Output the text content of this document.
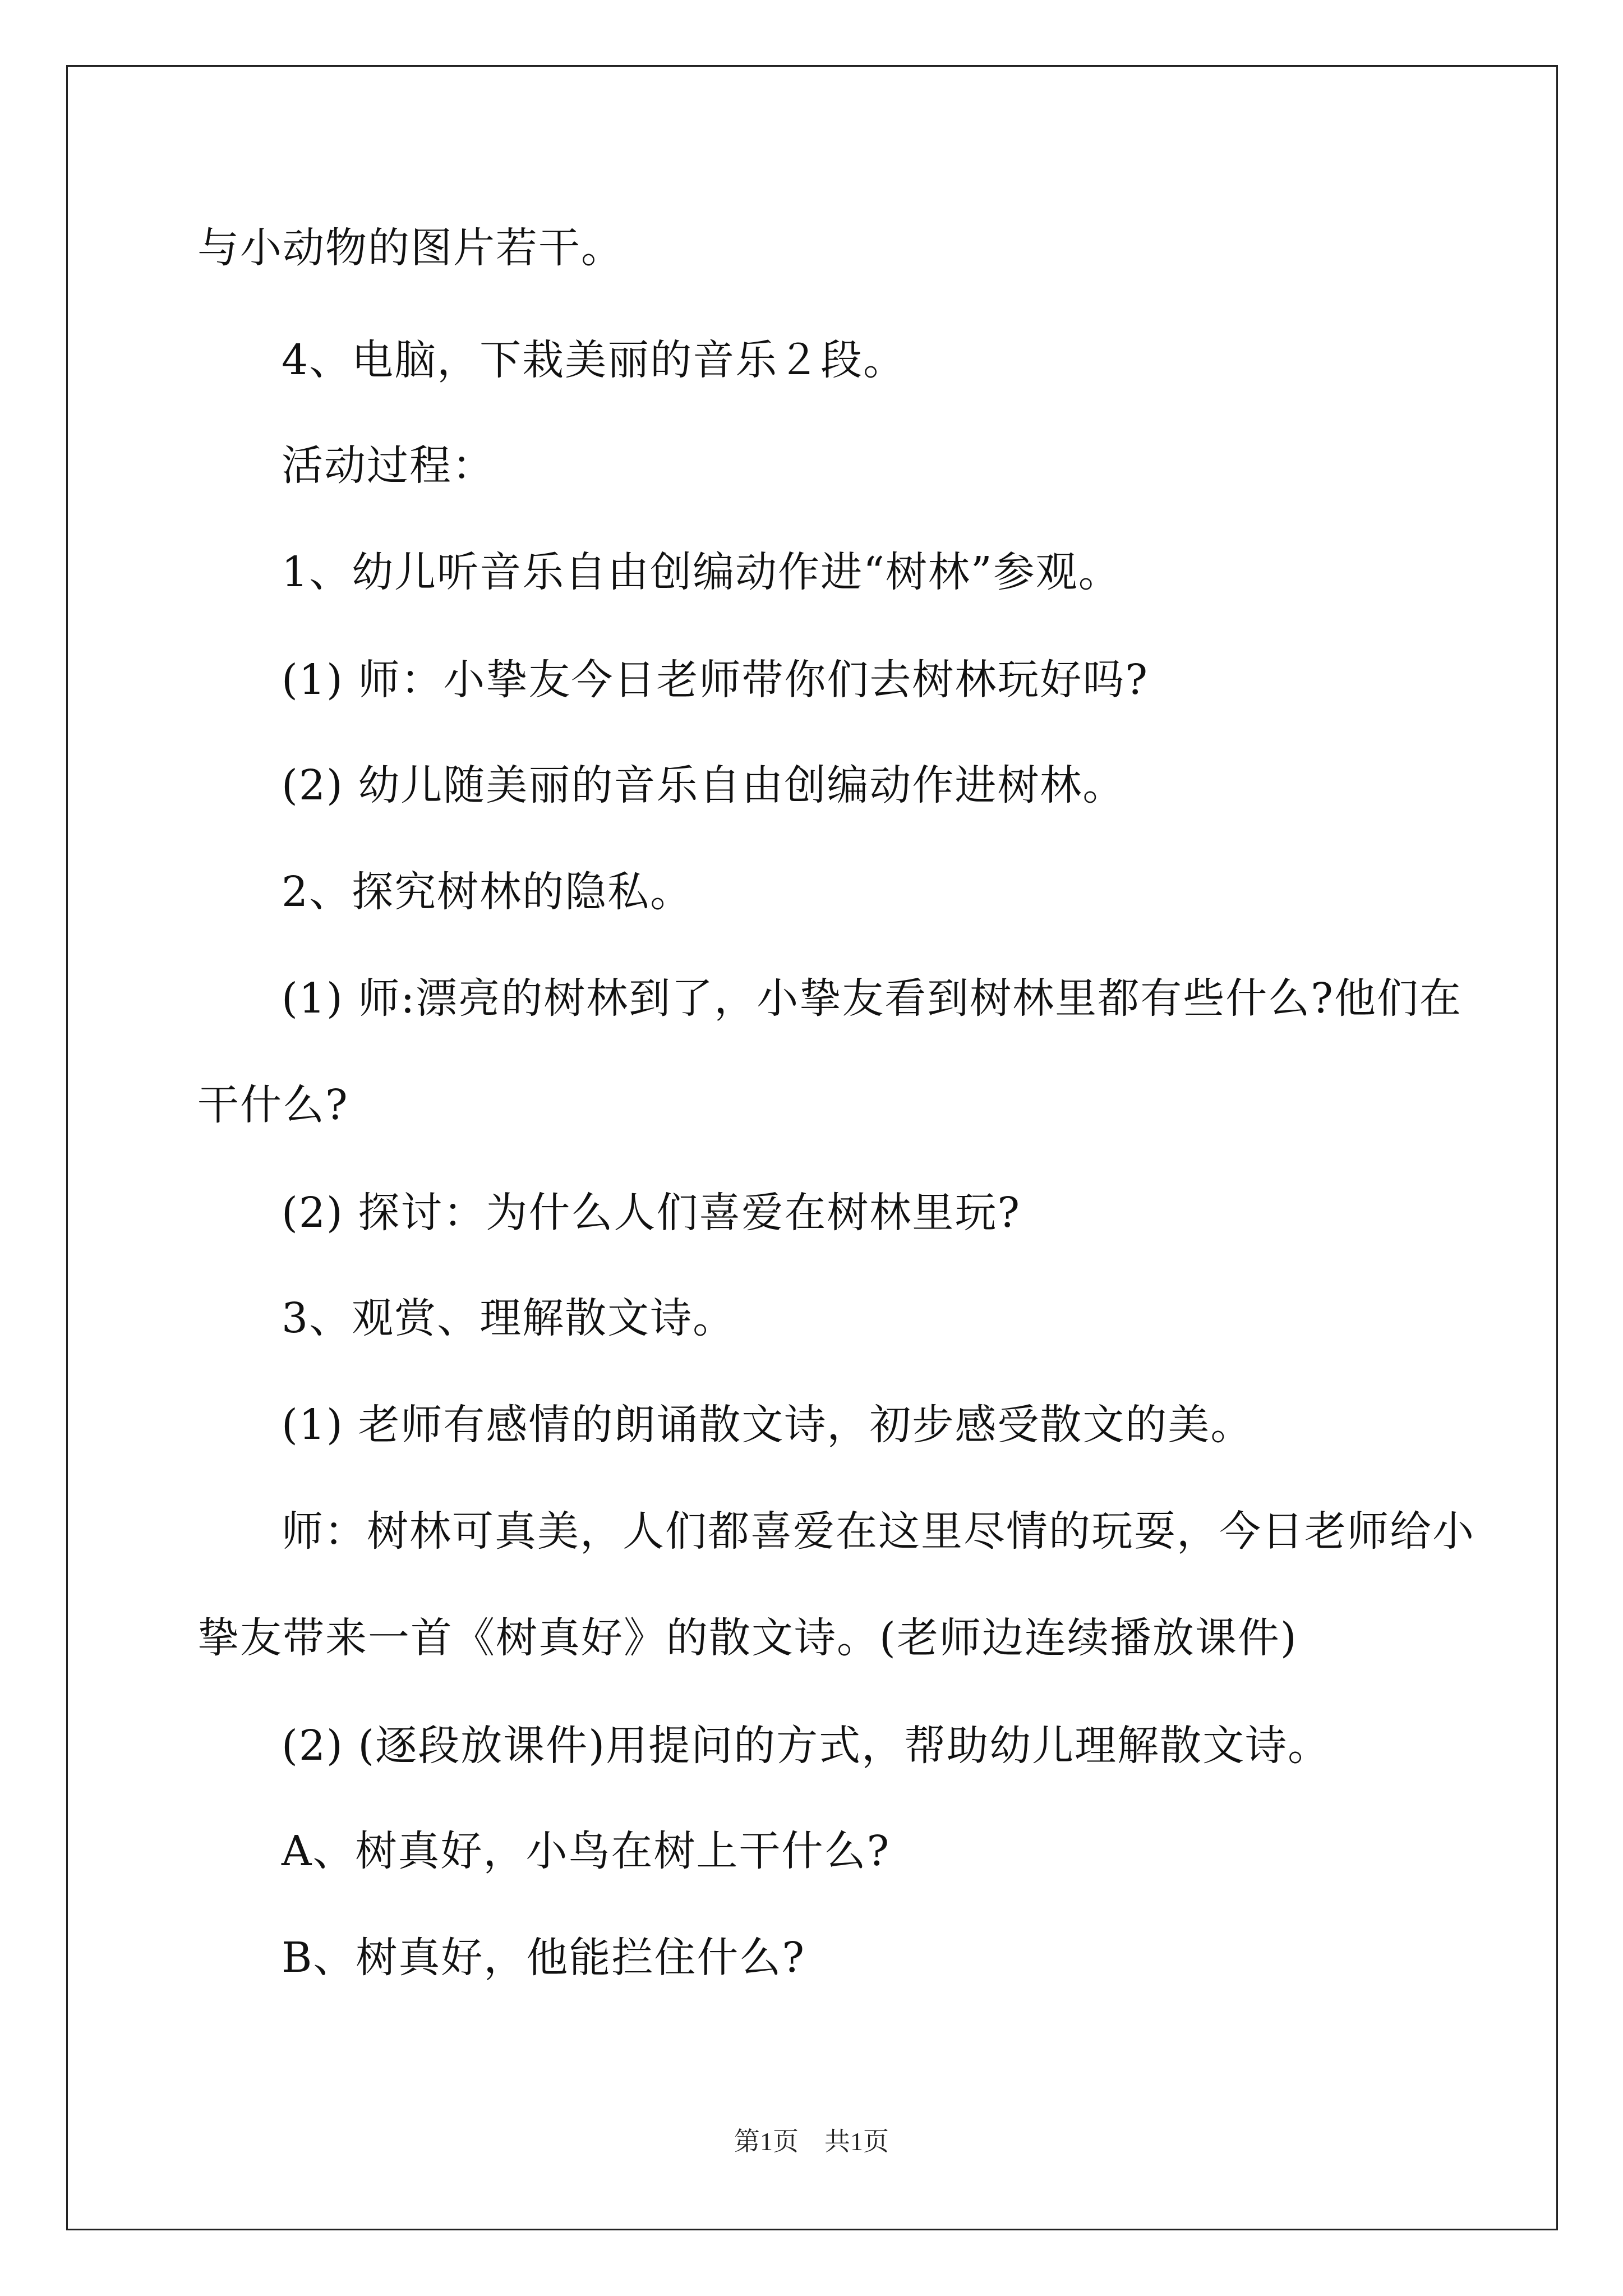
与小动物的图片若干。

4、电脑，下栽美丽的音乐２段。

活动过程：

1、幼儿听音乐自由创编动作进“树林”参观。

(1) 师：小挚友今日老师带你们去树林玩好吗?

(2) 幼儿随美丽的音乐自由创编动作进树林。

2、探究树林的隐私。

(1) 师:漂亮的树林到了，小挚友看到树林里都有些什么?他们在

干什么?

(2) 探讨：为什么人们喜爱在树林里玩?

3、观赏、理解散文诗。

(1) 老师有感情的朗诵散文诗，初步感受散文的美。

师：树林可真美，人们都喜爱在这里尽情的玩耍，今日老师给小

挚友带来一首《树真好》的散文诗。(老师边连续播放课件)

(2) (逐段放课件)用提问的方式，帮助幼儿理解散文诗。

A、树真好，小鸟在树上干什么?

B、树真好，他能拦住什么?

第1页 共1页
